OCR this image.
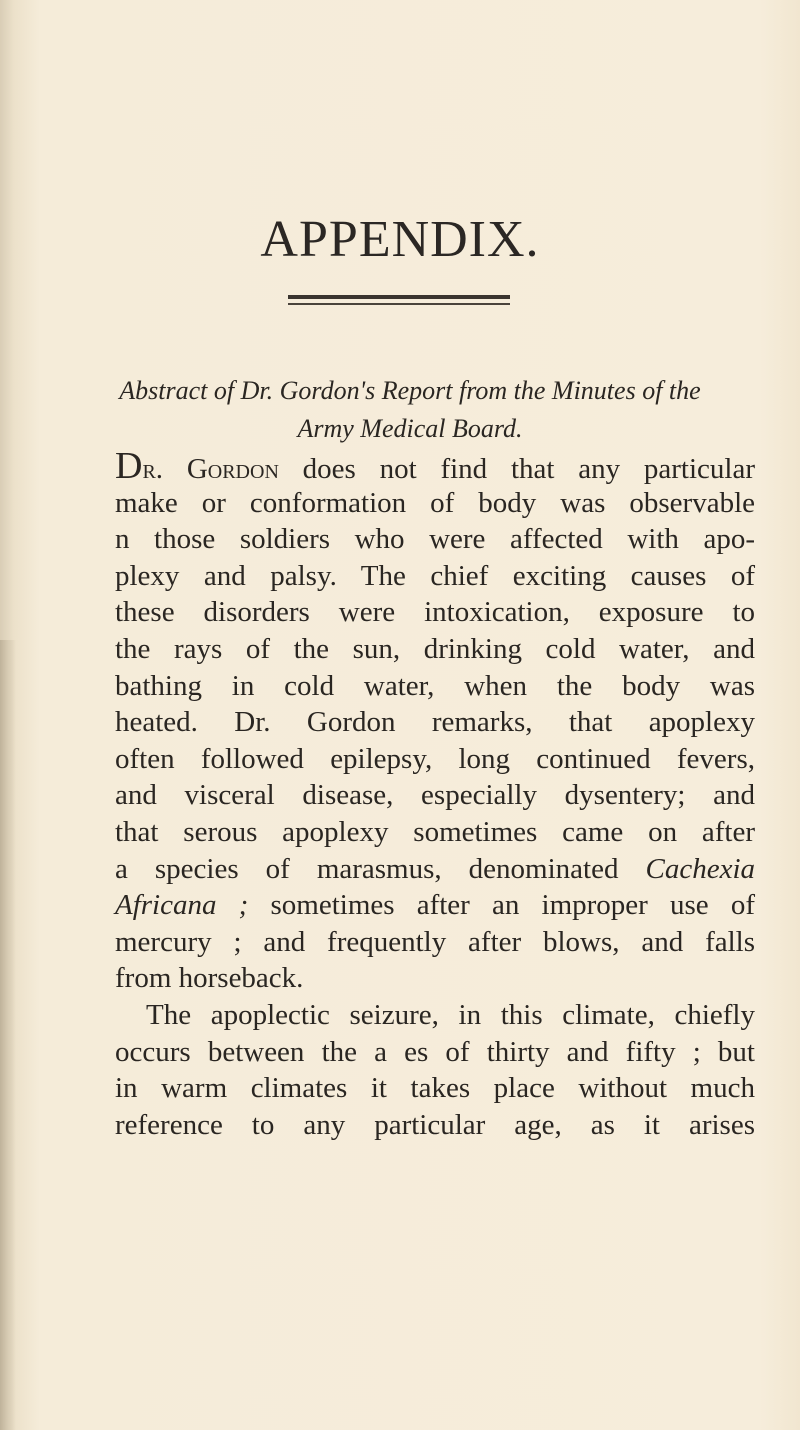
APPENDIX.
Abstract of Dr. Gordon's Report from the Minutes of the
Army Medical Board.
Dr. Gordon does not find that any particular
make or conformation of body was observable
n those soldiers who were affected with apo-
plexy and palsy. The chief exciting causes of
these disorders were intoxication, exposure to
the rays of the sun, drinking cold water, and
bathing in cold water, when the body was
heated. Dr. Gordon remarks, that apoplexy
often followed epilepsy, long continued fevers,
and visceral disease, especially dysentery; and
that serous apoplexy sometimes came on after
a species of marasmus, denominated Cachexia
Africana ; sometimes after an improper use of
mercury ; and frequently after blows, and falls
from horseback.
The apoplectic seizure, in this climate, chiefly
occurs between the a es of thirty and fifty ; but
in warm climates it takes place without much
reference to any particular age, as it arises
